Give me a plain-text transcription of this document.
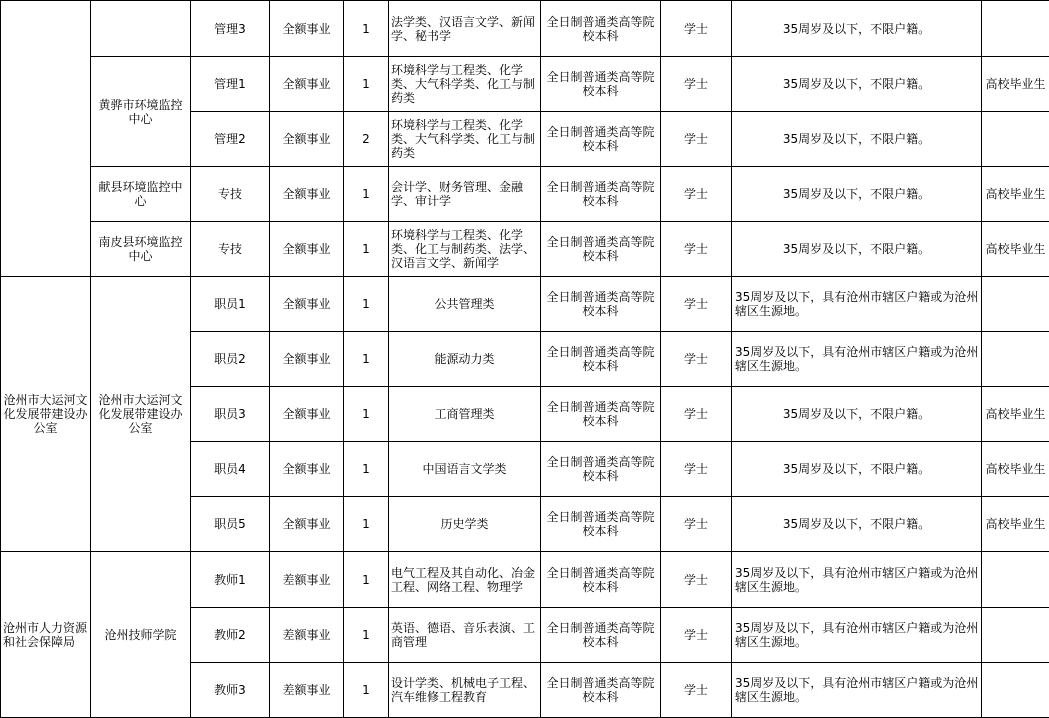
		管理3	全额事业	1	法学类、汉语言文学、新闻学、秘书学	全日制普通类高等院校本科	学士	35周岁及以下，不限户籍。	
	黄骅市环境监控中心	管理1	全额事业	1	环境科学与工程类、化学类、大气科学类、化工与制药类	全日制普通类高等院校本科	学士	35周岁及以下，不限户籍。	高校毕业生
		管理2	全额事业	2	环境科学与工程类、化学类、大气科学类、化工与制药类	全日制普通类高等院校本科	学士	35周岁及以下，不限户籍。	
	献县环境监控中心	专技	全额事业	1	会计学、财务管理、金融学、审计学	全日制普通类高等院校本科	学士	35周岁及以下，不限户籍。	高校毕业生
	南皮县环境监控中心	专技	全额事业	1	环境科学与工程类、化学类、化工与制药类、法学、汉语言文学、新闻学	全日制普通类高等院校本科	学士	35周岁及以下，不限户籍。	高校毕业生
沧州市大运河文化发展带建设办公室	沧州市大运河文化发展带建设办公室	职员1	全额事业	1	公共管理类	全日制普通类高等院校本科	学士	35周岁及以下，具有沧州市辖区户籍或为沧州辖区生源地。	
		职员2	全额事业	1	能源动力类	全日制普通类高等院校本科	学士	35周岁及以下，具有沧州市辖区户籍或为沧州辖区生源地。	
		职员3	全额事业	1	工商管理类	全日制普通类高等院校本科	学士	35周岁及以下，不限户籍。	高校毕业生
		职员4	全额事业	1	中国语言文学类	全日制普通类高等院校本科	学士	35周岁及以下，不限户籍。	高校毕业生
		职员5	全额事业	1	历史学类	全日制普通类高等院校本科	学士	35周岁及以下，不限户籍。	高校毕业生
沧州市人力资源和社会保障局	沧州技师学院	教师1	差额事业	1	电气工程及其自动化、冶金工程、网络工程、物理学	全日制普通类高等院校本科	学士	35周岁及以下，具有沧州市辖区户籍或为沧州辖区生源地。	
		教师2	差额事业	1	英语、德语、音乐表演、工商管理	全日制普通类高等院校本科	学士	35周岁及以下，具有沧州市辖区户籍或为沧州辖区生源地。	
		教师3	差额事业	1	设计学类、机械电子工程、汽车维修工程教育	全日制普通类高等院校本科	学士	35周岁及以下，具有沧州市辖区户籍或为沧州辖区生源地。	
